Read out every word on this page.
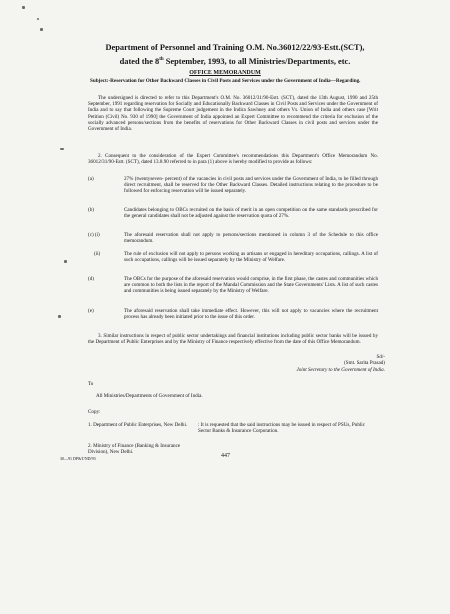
Department of Personnel and Training O.M. No.36012/22/93-Estt.(SCT),
dated the 8th September, 1993, to all Ministries/Departments, etc.
OFFICE MEMORANDUM
Subject:-Reservation for Other Backward Classes in Civil Posts and Services under the Government of India—Regarding.
The undersigned is directed to refer to this Department's O.M. No. 36012/31/90-Estt. (SCT), dated the 13th August, 1990 and 25th September, 1991 regarding reservation for Socially and Educationally Backward Classes in Civil Posts and Services under the Government of India and to say that following the Supreme Court judgement in the Indira Sawhney and others Vs. Union of India and others case [Writ Petition (Civil) No. 930 of 1990] the Government of India appointed an Expert Committee to recommend the criteria for exclusion of the socially advanced persons/sections from the benefits of reservations for Other Backward Classes in civil posts and services under the Government of India.
2. Consequent to the consideration of the Expert Committee's recommendations this Department's Office Memorandum No. 36012/31/90-Estt. (SCT), dated 13.8.90 referred to in para (1) above is hereby modified to provide as follows:
(a)	27% (twentyseven- percent) of the vacancies in civil posts and services under the Government of India, to be filled through direct recruitment, shall be reserved for the Other Backward Classes. Detailed instructions relating to the procedure to be followed for enforcing reservation will be issued separately.
(b)	Candidates belonging to OBCs recruited on the basis of merit in an open competition on the same standards prescribed for the general candidates shall not be adjusted against the reservation quota of 27%.
(c) (i)	The aforesaid reservation shall not apply to persons/sections mentioned in column 3 of the Schedule to this office memorandum.
(ii)	The rule of exclusion will not apply to persons working as artisans or engaged in hereditary occupations, callings. A list of such occupations, callings will be issued separately by the Ministry of Welfare.
(d)	The OBCs for the purpose of the aforesaid reservation would comprise, in the first phase, the castes and communities which are common to both the lists in the report of the Mandal Commission and the State Governments' Lists. A list of such castes and communities is being issued separately by the Ministry of Welfare.
(e)	The aforesaid reservation shall take immediate effect. However, this will not apply to vacancies where the recruitment process has already been initiated prior to the issue of this order.
3. Similar instructions in respect of public sector undertakings and financial institutions including public sector banks will be issued by the Department of Public Enterprises and by the Ministry of Finance respectively effective from the date of this Office Memorandum.
Sd/-
(Smt. Sarita Prasad)
Joint Secretary to the Government of India.
To
All Ministries/Departments of Government of India.
Copy:
1. Department of Public Enterprises, New Delhi.	: It is requested that the said instructions may be issued in respect of PSUs, Public Sector Banks & Insurance Corporation.
2. Ministry of Finance (Banking & Insurance Division), New Delhi.
447
30—91 DP&T/ND/93
